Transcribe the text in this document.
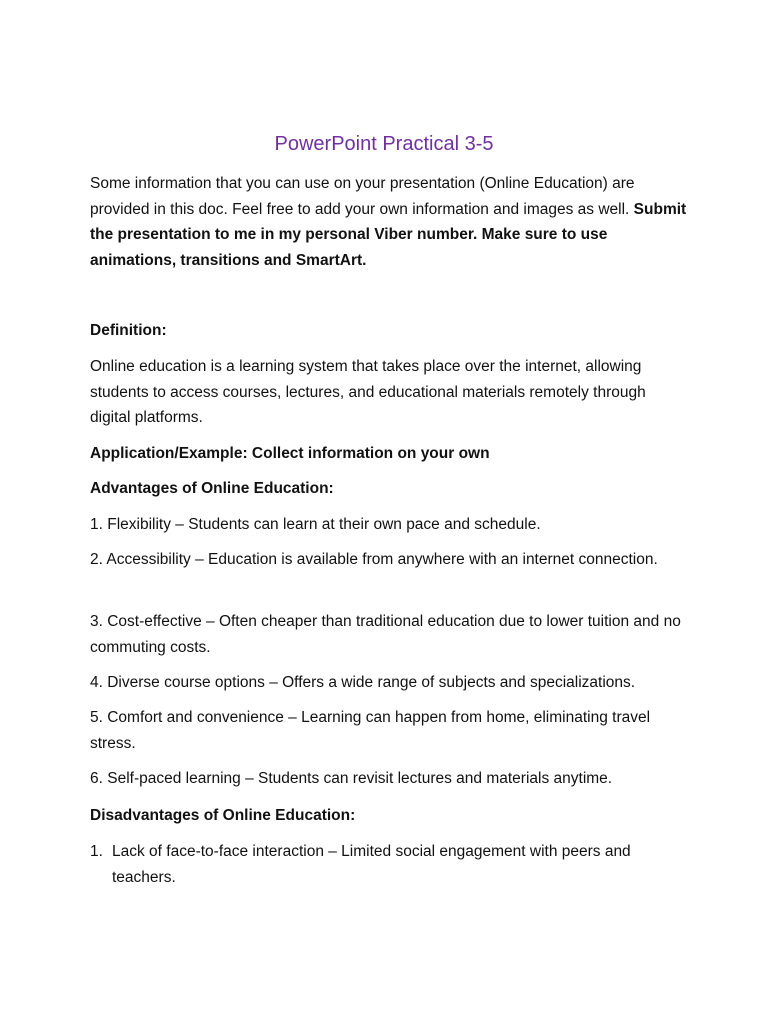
PowerPoint Practical 3-5

Some information that you can use on your presentation (Online Education) are provided in this doc. Feel free to add your own information and images as well. Submit the presentation to me in my personal Viber number. Make sure to use animations, transitions and SmartArt.

Definition:

Online education is a learning system that takes place over the internet, allowing students to access courses, lectures, and educational materials remotely through digital platforms.

Application/Example: Collect information on your own

Advantages of Online Education:

1. Flexibility – Students can learn at their own pace and schedule.

2. Accessibility – Education is available from anywhere with an internet connection.

3. Cost-effective – Often cheaper than traditional education due to lower tuition and no commuting costs.

4. Diverse course options – Offers a wide range of subjects and specializations.

5. Comfort and convenience – Learning can happen from home, eliminating travel stress.

6. Self-paced learning – Students can revisit lectures and materials anytime.

Disadvantages of Online Education:

1. Lack of face-to-face interaction – Limited social engagement with peers and teachers.
